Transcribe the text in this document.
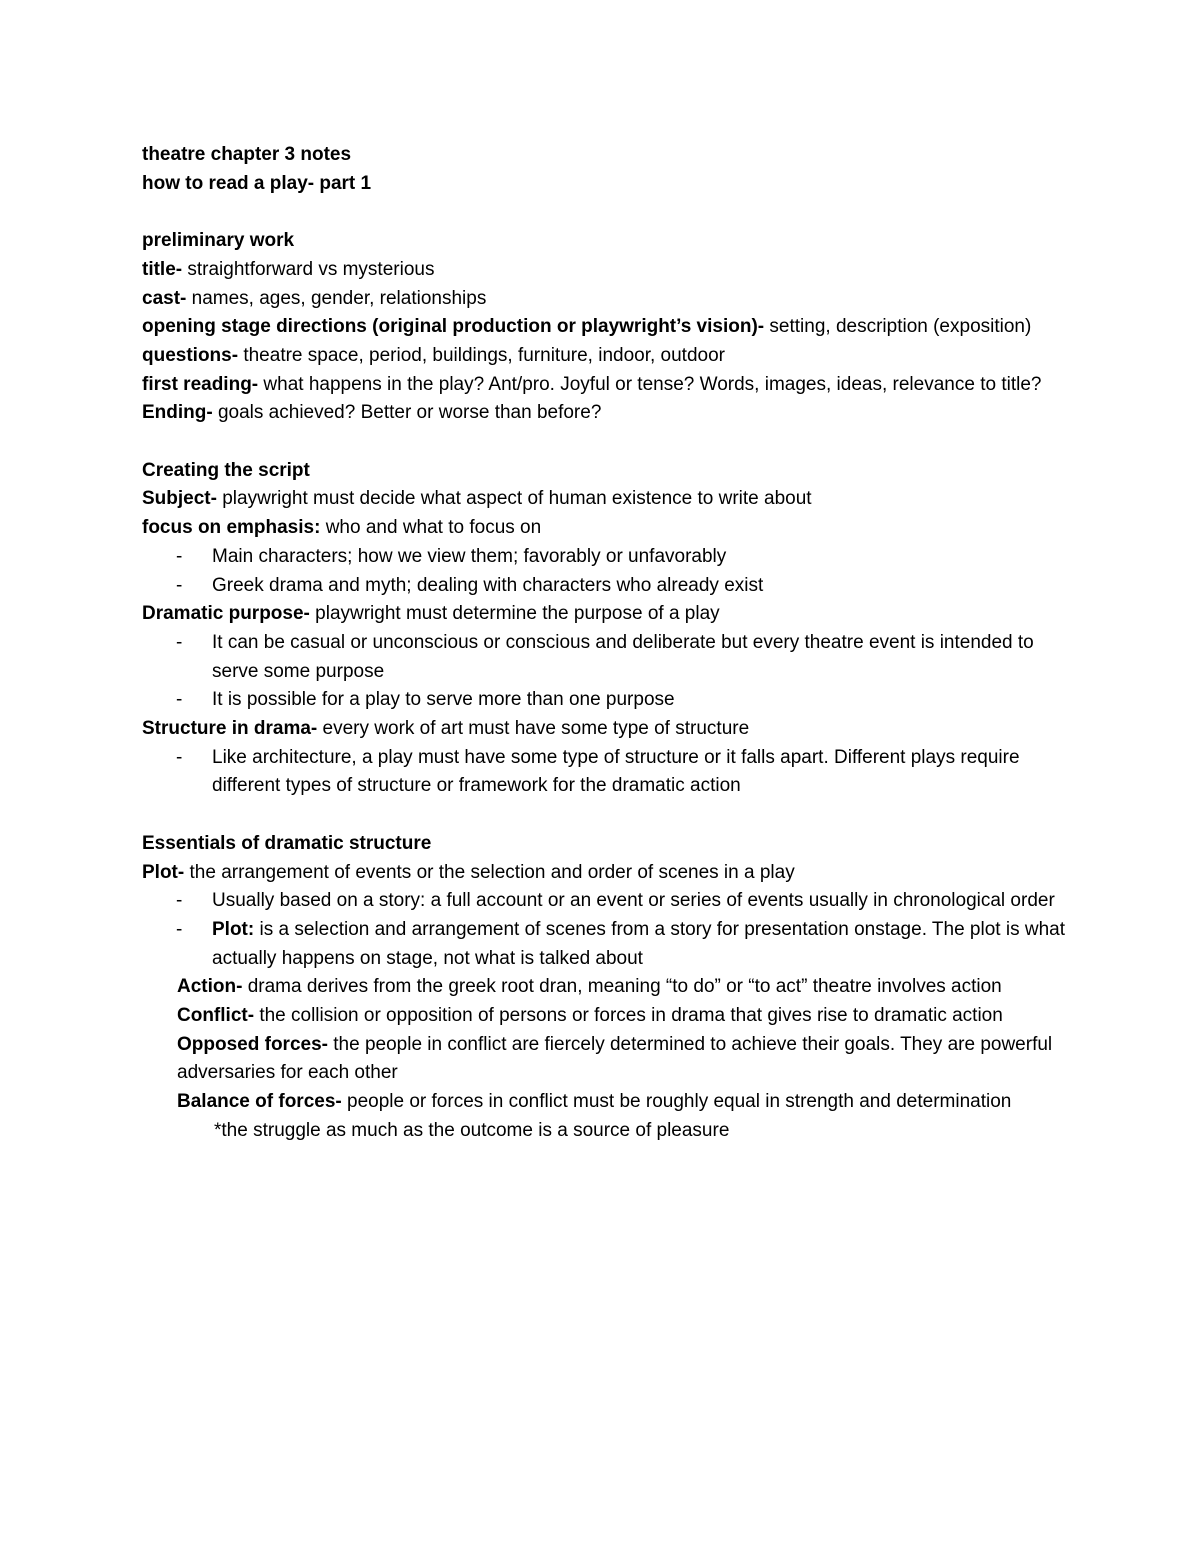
theatre chapter 3 notes
how to read a play- part 1
preliminary work
title- straightforward vs mysterious
cast- names, ages, gender, relationships
opening stage directions (original production or playwright’s vision)- setting, description (exposition)
questions- theatre space, period, buildings, furniture, indoor, outdoor
first reading- what happens in the play? Ant/pro. Joyful or tense? Words, images, ideas, relevance to title?
Ending- goals achieved? Better or worse than before?
Creating the script
Subject- playwright must decide what aspect of human existence to write about
focus on emphasis: who and what to focus on
- Main characters; how we view them; favorably or unfavorably
- Greek drama and myth; dealing with characters who already exist
Dramatic purpose- playwright must determine the purpose of a play
- It can be casual or unconscious or conscious and deliberate but every theatre event is intended to serve some purpose
- It is possible for a play to serve more than one purpose
Structure in drama- every work of art must have some type of structure
- Like architecture, a play must have some type of structure or it falls apart. Different plays require different types of structure or framework for the dramatic action
Essentials of dramatic structure
Plot- the arrangement of events or the selection and order of scenes in a play
- Usually based on a story: a full account or an event or series of events usually in chronological order
- Plot: is a selection and arrangement of scenes from a story for presentation onstage. The plot is what actually happens on stage, not what is talked about
Action- drama derives from the greek root dran, meaning “to do” or “to act” theatre involves action
Conflict- the collision or opposition of persons or forces in drama that gives rise to dramatic action
Opposed forces- the people in conflict are fiercely determined to achieve their goals. They are powerful adversaries for each other
Balance of forces- people or forces in conflict must be roughly equal in strength and determination
*the struggle as much as the outcome is a source of pleasure
